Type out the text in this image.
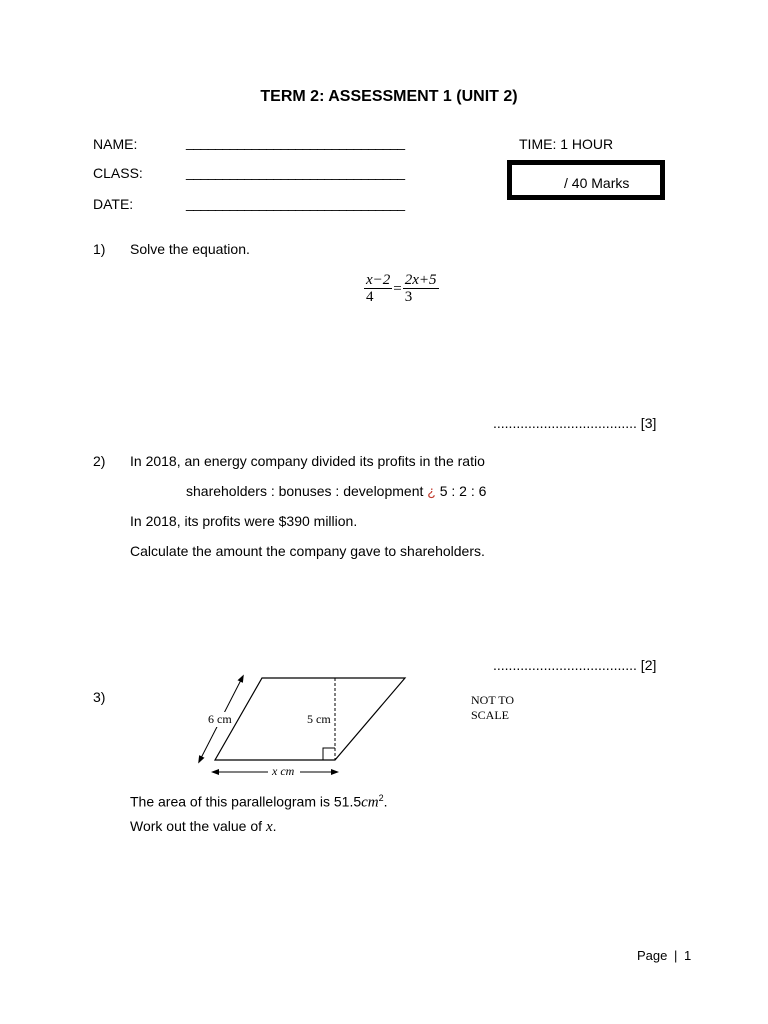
TERM 2: ASSESSMENT 1 (UNIT 2)
NAME:	______________________________
CLASS:	______________________________
DATE:	______________________________
TIME: 1 HOUR
/ 40 Marks
1) Solve the equation.
$\frac{x-2}{4} = \frac{2x+5}{3}$
..................................... [3]
2) In 2018, an energy company divided its profits in the ratio
shareholders : bonuses : development ¿ 5 : 2 : 6
In 2018, its profits were $390 million.
Calculate the amount the company gave to shareholders.
..................................... [2]
3)
6 cm	5 cm
x cm
NOT TO
SCALE
The area of this parallelogram is $51.5cm^2$.
Work out the value of x.
Page | 1
